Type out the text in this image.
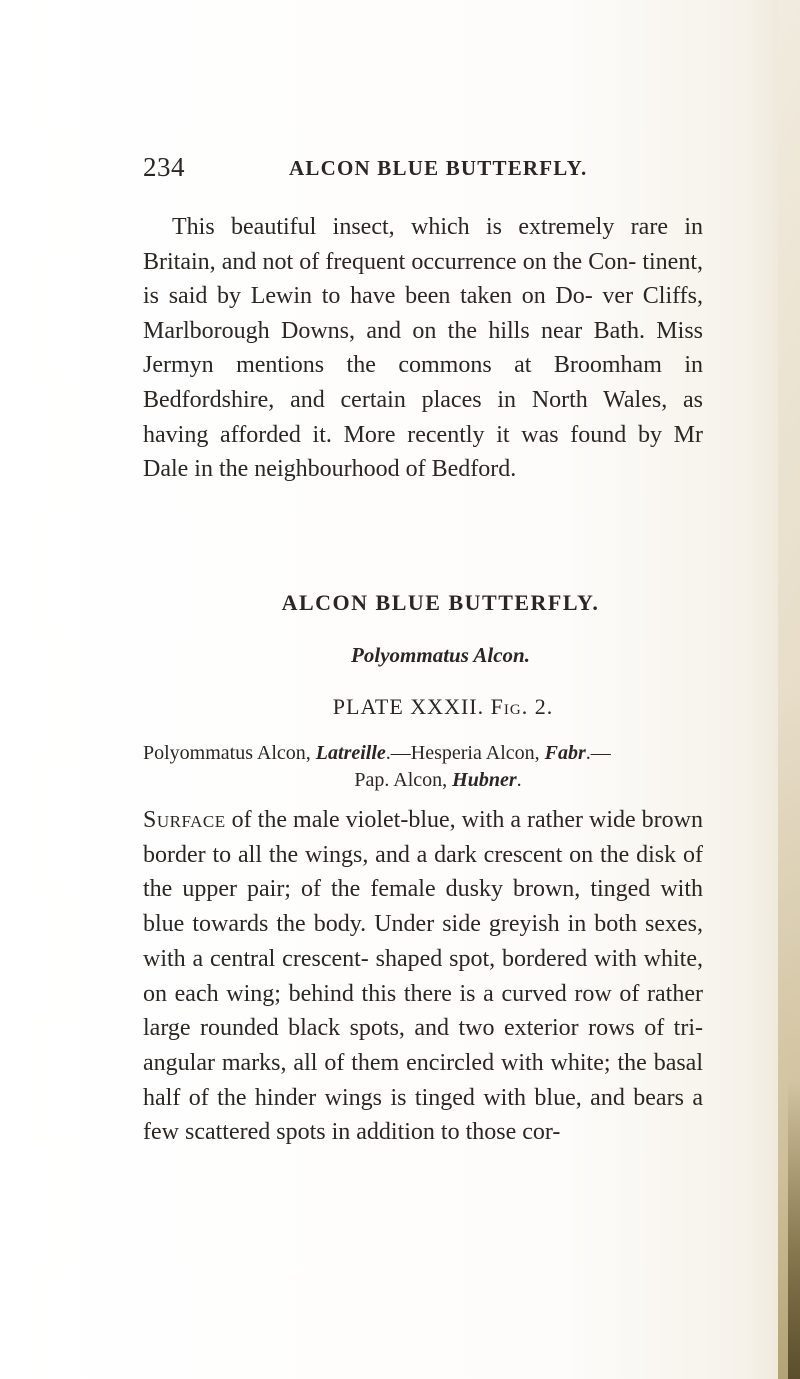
234	ALCON BLUE BUTTERFLY.

This beautiful insect, which is extremely rare in Britain, and not of frequent occurrence on the Con- tinent, is said by Lewin to have been taken on Do- ver Cliffs, Marlborough Downs, and on the hills near Bath. Miss Jermyn mentions the commons at Broomham in Bedfordshire, and certain places in North Wales, as having afforded it. More recently it was found by Mr Dale in the neighbourhood of Bedford.

ALCON BLUE BUTTERFLY.

Polyommatus Alcon.

PLATE XXXII. Fig. 2.

Polyommatus Alcon, Latreille.—Hesperia Alcon, Fabr.—
Pap. Alcon, Hubner.

Surface of the male violet-blue, with a rather wide brown border to all the wings, and a dark crescent on the disk of the upper pair; of the female dusky brown, tinged with blue towards the body. Under side greyish in both sexes, with a central crescent- shaped spot, bordered with white, on each wing; behind this there is a curved row of rather large rounded black spots, and two exterior rows of tri- angular marks, all of them encircled with white; the basal half of the hinder wings is tinged with blue, and bears a few scattered spots in addition to those cor-
